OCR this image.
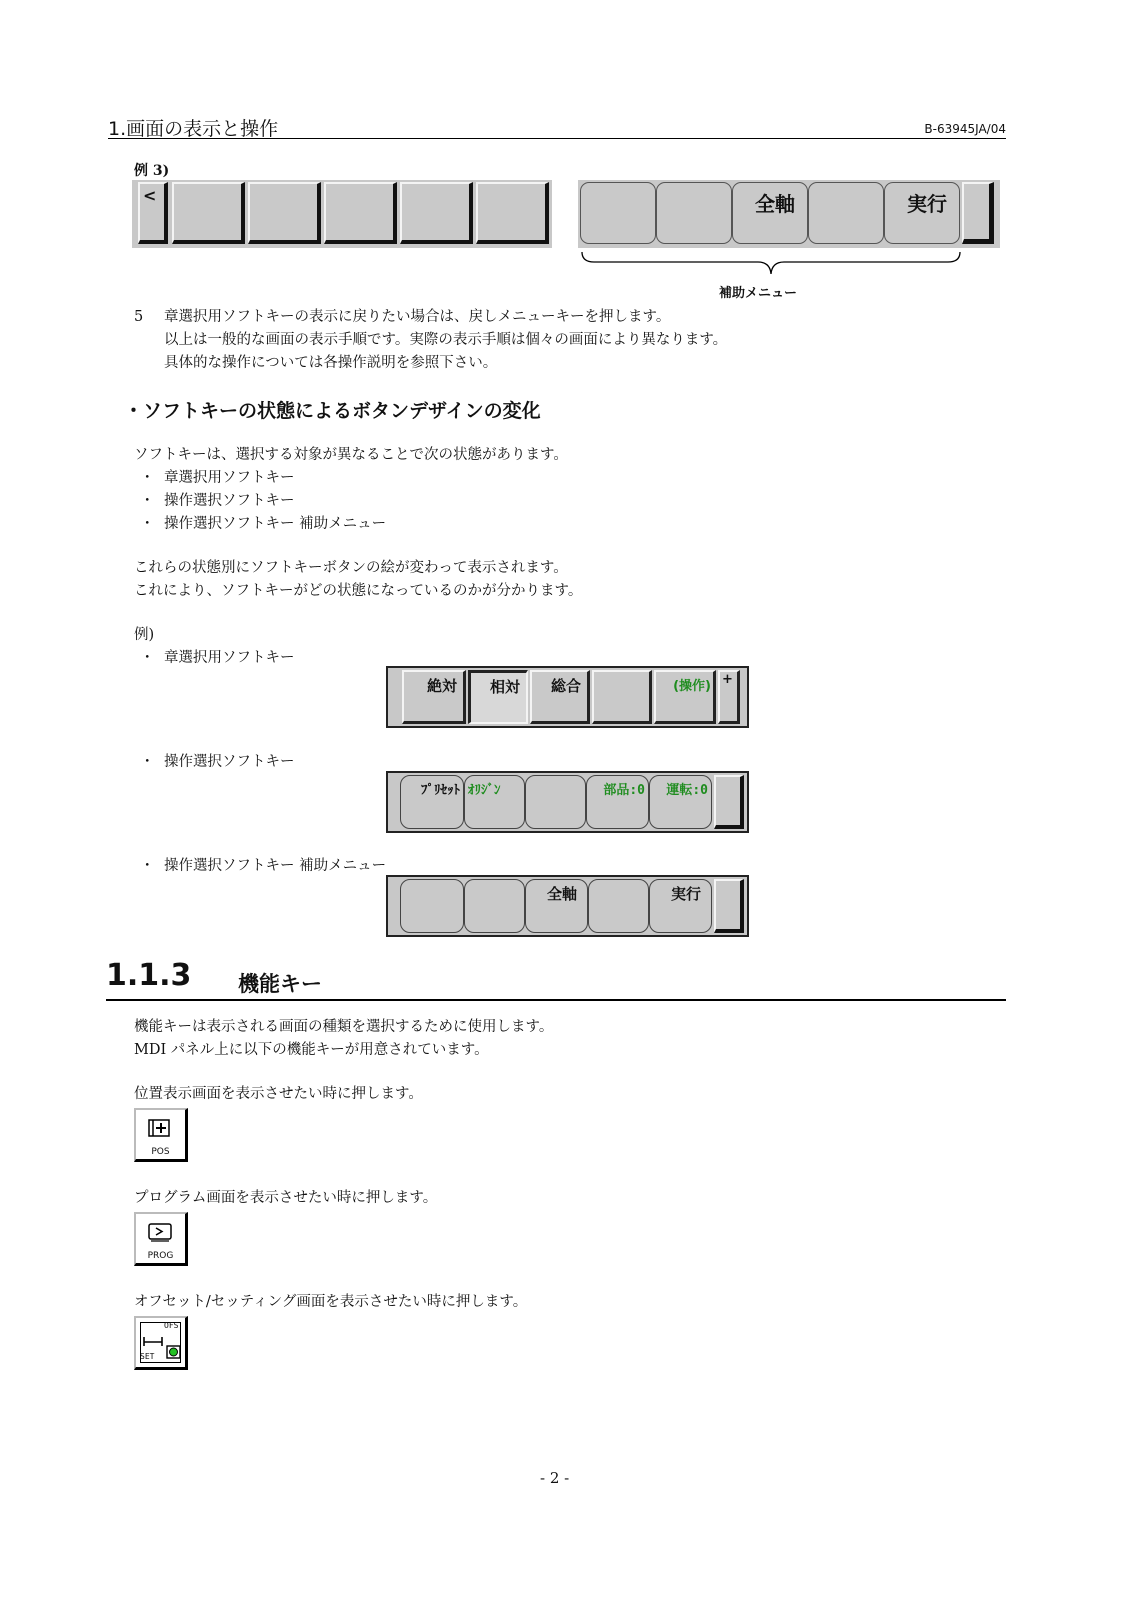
1.画面の表示と操作	B-63945JA/04
例 3)
<	全軸	実行
補助メニュー
5 章選択用ソフトキーの表示に戻りたい場合は、戻しメニューキーを押します。
以上は一般的な画面の表示手順です。実際の表示手順は個々の画面により異なります。
具体的な操作については各操作説明を参照下さい。
・ソフトキーの状態によるボタンデザインの変化
ソフトキーは、選択する対象が異なることで次の状態があります。
・ 章選択用ソフトキー
・ 操作選択ソフトキー
・ 操作選択ソフトキー 補助メニュー
これらの状態別にソフトキーボタンの絵が変わって表示されます。
これにより、ソフトキーがどの状態になっているのかが分かります。
例)
・ 章選択用ソフトキー
絶対 相対 総合	(操作) +
・ 操作選択ソフトキー
ﾌﾟﾘｾｯﾄ ｵﾘｼﾞﾝ	部品:0 運転:0
・ 操作選択ソフトキー 補助メニュー
全軸	実行
1.1.3 機能キー
機能キーは表示される画面の種類を選択するために使用します。
MDI パネル上に以下の機能キーが用意されています。
位置表示画面を表示させたい時に押します。
POS
プログラム画面を表示させたい時に押します。
PROG
オフセット/セッティング画面を表示させたい時に押します。
OFS
SET
- 2 -
